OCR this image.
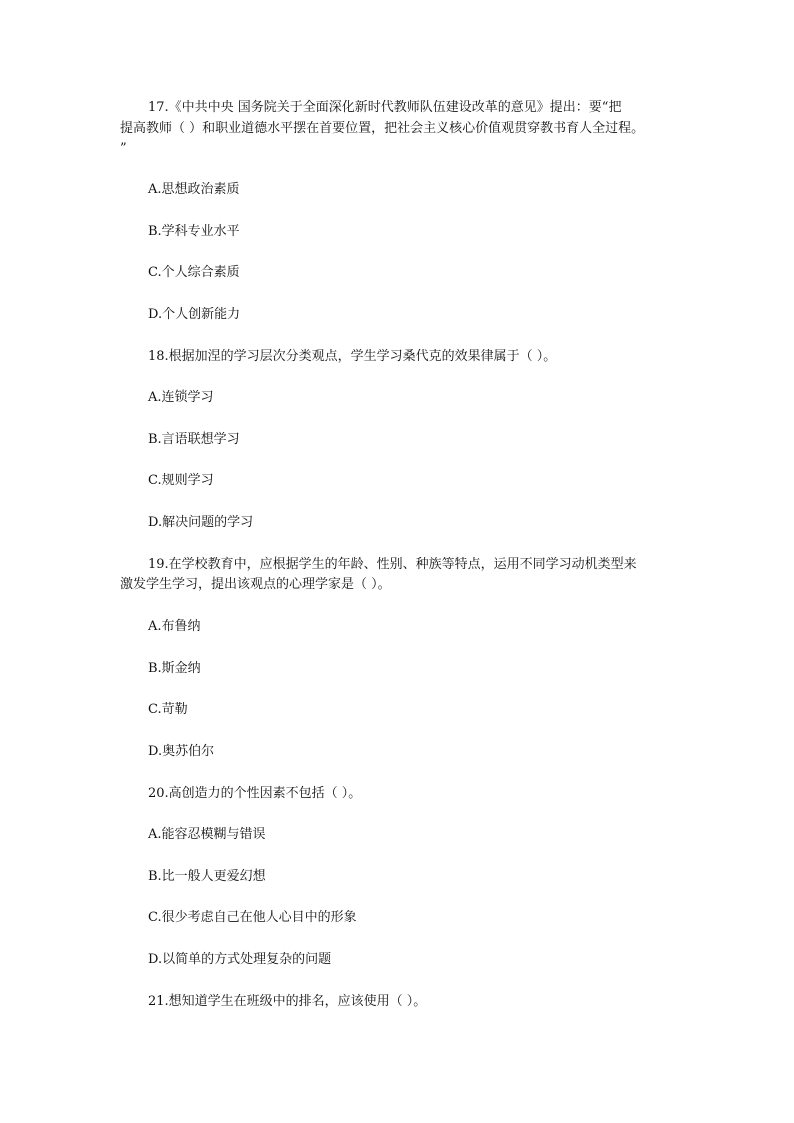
17.《中共中央 国务院关于全面深化新时代教师队伍建设改革的意见》提出：要“把
提高教师（ ）和职业道德水平摆在首要位置，把社会主义核心价值观贯穿教书育人全过程。
”
A.思想政治素质
B.学科专业水平
C.个人综合素质
D.个人创新能力
18.根据加涅的学习层次分类观点，学生学习桑代克的效果律属于（ ）。
A.连锁学习
B.言语联想学习
C.规则学习
D.解决问题的学习
19.在学校教育中，应根据学生的年龄、性别、种族等特点，运用不同学习动机类型来
激发学生学习，提出该观点的心理学家是（ ）。
A.布鲁纳
B.斯金纳
C.苛勒
D.奥苏伯尔
20.高创造力的个性因素不包括（ ）。
A.能容忍模糊与错误
B.比一般人更爱幻想
C.很少考虑自己在他人心目中的形象
D.以简单的方式处理复杂的问题
21.想知道学生在班级中的排名，应该使用（ ）。
